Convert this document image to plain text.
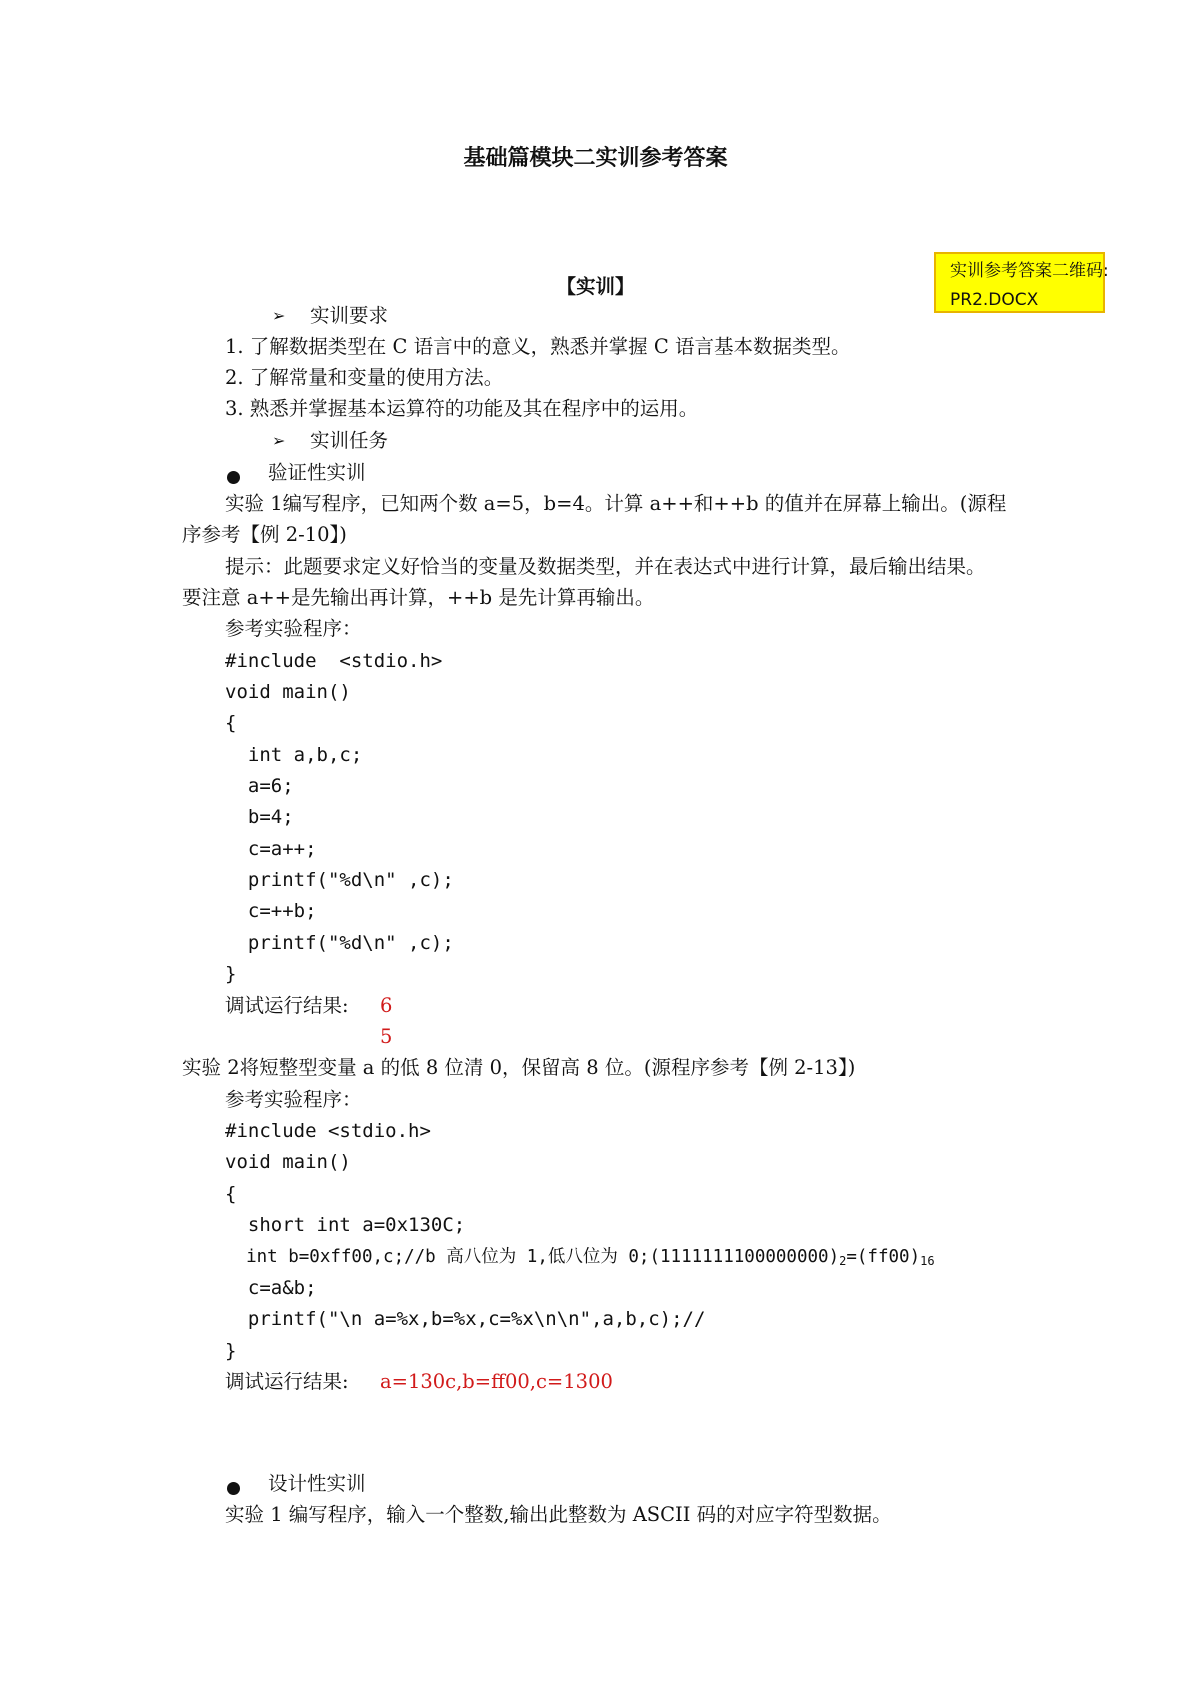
基础篇模块二实训参考答案
实训参考答案二维码:
PR2.DOCX
【实训】
➢ 实训要求
1. 了解数据类型在 C 语言中的意义，熟悉并掌握 C 语言基本数据类型。
2. 了解常量和变量的使用方法。
3. 熟悉并掌握基本运算符的功能及其在程序中的运用。
➢ 实训任务
验证性实训
实验 1编写程序，已知两个数 a=5，b=4。计算 a++和++b 的值并在屏幕上输出。(源程
序参考【例 2-10】)
提示：此题要求定义好恰当的变量及数据类型，并在表达式中进行计算，最后输出结果。
要注意 a++是先输出再计算，++b 是先计算再输出。
参考实验程序：
#include  <stdio.h>
void main()
{
int a,b,c;
a=6;
b=4;
c=a++;
printf("%d\n" ,c);
c=++b;
printf("%d\n" ,c);
}
调试运行结果: 6
5
实验 2将短整型变量 a 的低 8 位清 0，保留高 8 位。(源程序参考【例 2-13】)
参考实验程序：
#include <stdio.h>
void main()
{
short int a=0x130C;
int b=0xff00,c;//b 高八位为 1,低八位为 $0;(1111111100000000)_2=(ff00)_{16}$
c=a&b;
printf("\n a=%x,b=%x,c=%x\n\n",a,b,c);//
}
调试运行结果: a=130c,b=ff00,c=1300
设计性实训
实验 1 编写程序，输入一个整数,输出此整数为 ASCII 码的对应字符型数据。
